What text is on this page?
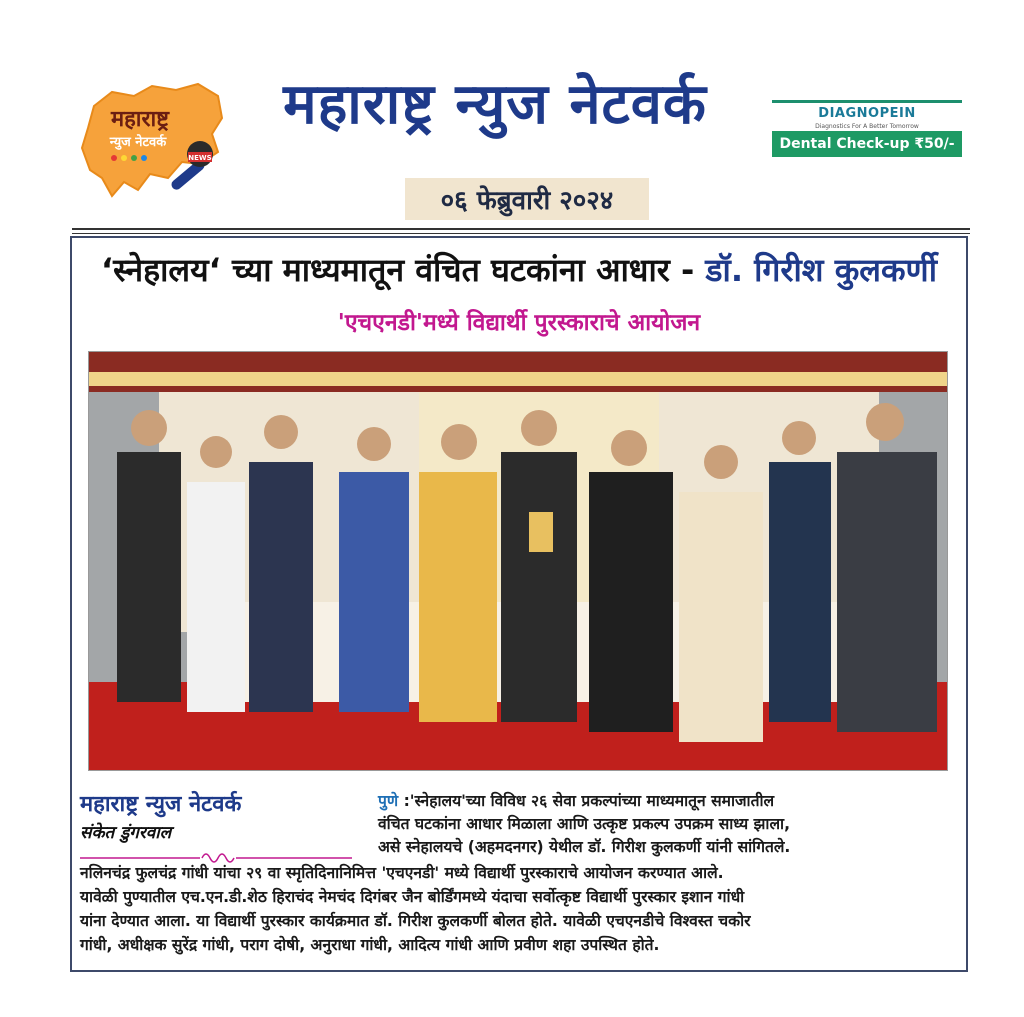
महाराष्ट्र
न्युज नेटवर्क
NEWS
महाराष्ट्र न्युज नेटवर्क
०६ फेब्रुवारी २०२४
DIAGNOPEIN
Diagnostics For A Better Tomorrow
Dental Check-up ₹50/-
‘स्नेहालय‘ च्या माध्यमातून वंचित घटकांना आधार - डॉ. गिरीश कुलकर्णी
'एचएनडी'मध्ये विद्यार्थी पुरस्काराचे आयोजन
महाराष्ट्र न्युज नेटवर्क
संकेत डुंगरवाल
पुणे :'स्नेहालय'च्या विविध २६ सेवा प्रकल्पांच्या माध्यमातून समाजातील
वंचित घटकांना आधार मिळाला आणि उत्कृष्ट प्रकल्प उपक्रम साध्य झाला,
असे स्नेहालयचे (अहमदनगर) येथील डॉ. गिरीश कुलकर्णी यांनी सांगितले.
नलिनचंद्र फुलचंद्र गांधी यांचा २९ वा स्मृतिदिनानिमित्त 'एचएनडी' मध्ये विद्यार्थी पुरस्काराचे आयोजन करण्यात आले.
यावेळी पुण्यातील एच.एन.डी.शेठ हिराचंद नेमचंद दिगंबर जैन बोर्डिंगमध्ये यंदाचा सर्वोत्कृष्ट विद्यार्थी पुरस्कार इशान गांधी
यांना देण्यात आला. या विद्यार्थी पुरस्कार कार्यक्रमात डॉ. गिरीश कुलकर्णी बोलत होते. यावेळी एचएनडीचे विश्वस्त चकोर
गांधी, अधीक्षक सुरेंद्र गांधी, पराग दोषी, अनुराधा गांधी, आदित्य गांधी आणि प्रवीण शहा उपस्थित होते.
